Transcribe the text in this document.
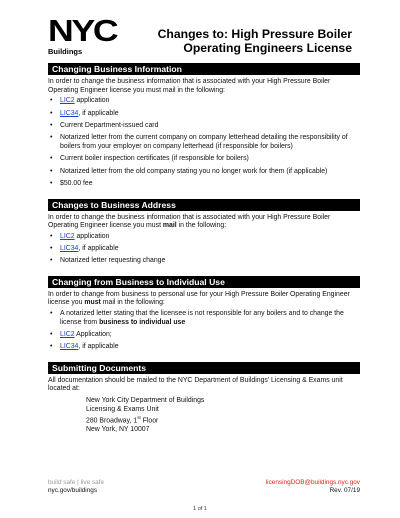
NYC
Buildings
Changes to: High Pressure Boiler
Operating Engineers License
Changing Business Information
In order to change the business information that is associated with your High Pressure Boiler Operating Engineer license you must mail in the following:
• LIC2 application
• LIC34, if applicable
• Current Department-issued card
• Notarized letter from the current company on company letterhead detailing the responsibility of boilers from your employer on company letterhead (if responsible for boilers)
• Current boiler inspection certificates (if responsible for boilers)
• Notarized letter from the old company stating you no longer work for them (if applicable)
• $50.00 fee
Changes to Business Address
In order to change the business information that is associated with your High Pressure Boiler Operating Engineer license you must mail in the following:
• LIC2 application
• LIC34, if applicable
• Notarized letter requesting change
Changing from Business to Individual Use
In order to change from business to personal use for your High Pressure Boiler Operating Engineer license you must mail in the following:
• A notarized letter stating that the licensee is not responsible for any boilers and to change the license from business to individual use
• LIC2 Application;
• LIC34, if applicable
Submitting Documents
All documentation should be mailed to the NYC Department of Buildings’ Licensing & Exams unit located at:
New York City Department of Buildings
Licensing & Exams Unit
280 Broadway, 1st Floor
New York, NY 10007
build safe | live safe
nyc.gov/buildings
licensingDOB@buildings.nyc.gov
Rev. 07/19
1 of 1
